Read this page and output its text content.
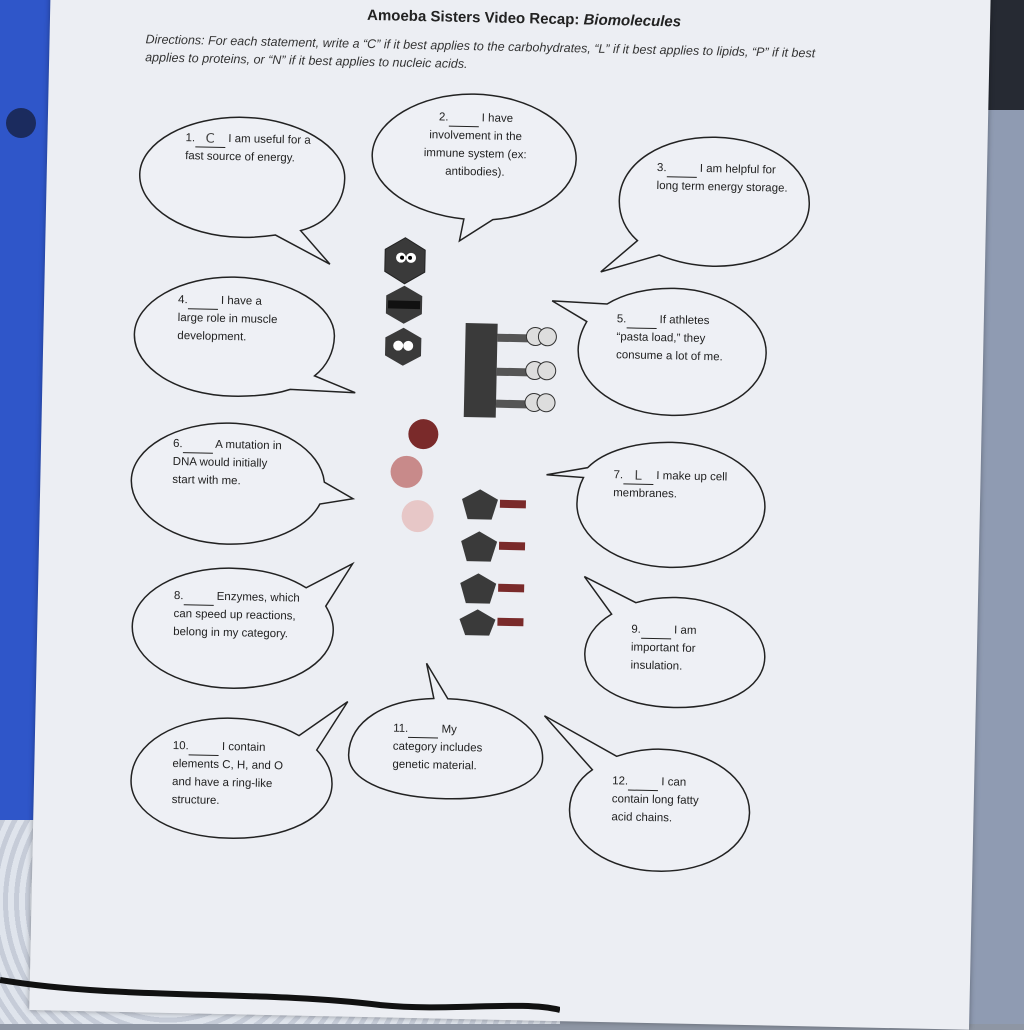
Amoeba Sisters Video Recap: Biomolecules
Directions: For each statement, write a “C” if it best applies to the carbohydrates, “L” if it best applies to lipids, “P” if it best applies to proteins, or “N” if it best applies to nucleic acids.
1. C I am useful for a fast source of energy.
2.	I have involvement in the immune system (ex: antibodies).	3.	I am helpful for long term energy storage.
4.	I have a large role in muscle development.
5.	If athletes “pasta load,” they consume a lot of me.
6.	A mutation in DNA would initially start with me.	7. L I make up cell membranes.
8.	Enzymes, which can speed up reactions, belong in my category.	9.	I am important for insulation.
10.	I contain elements C, H, and O and have a ring-like structure.
11.	My category includes genetic material.
12.	I can contain long fatty acid chains.
